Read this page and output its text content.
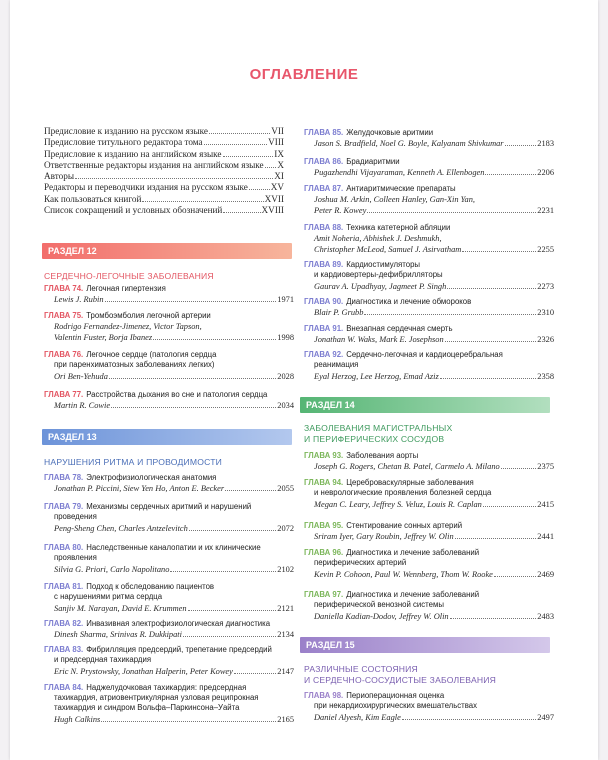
ОГЛАВЛЕНИЕ
Предисловие к изданию на русском языке	VII
Предисловие титульного редактора тома	VIII
Предисловие к изданию на английском языке	IX
Ответственные редакторы издания на английском языке X
Авторы	XI
Редакторы и переводчики издания на русском языке XV
Как пользоваться книгой	XVII
Список сокращений и условных обозначений	XVIII
РАЗДЕЛ 12
СЕРДЕЧНО-ЛЕГОЧНЫЕ ЗАБОЛЕВАНИЯ
ГЛАВА 74. Легочная гипертензия
Lewis J. Rubin	1971
ГЛАВА 75. Тромбоэмболия легочной артерии
Rodrigo Fernandez-Jimenez, Victor Tapson,
Valentin Fuster, Borja Ibanez	1998
ГЛАВА 76. Легочное сердце (патология сердца
при паренхиматозных заболеваниях легких)
Ori Ben-Yehuda	2028
ГЛАВА 77. Расстройства дыхания во сне и патология сердца
Martin R. Cowie	2034
РАЗДЕЛ 13
НАРУШЕНИЯ РИТМА И ПРОВОДИМОСТИ
ГЛАВА 78. Электрофизиологическая анатомия
Jonathan P. Piccini, Siew Yen Ho, Anton E. Becker	2055
ГЛАВА 79. Механизмы сердечных аритмий и нарушений
проведения
Peng-Sheng Chen, Charles Antzelevitch	2072
ГЛАВА 80. Наследственные каналопатии и их клинические
проявления
Silvia G. Priori, Carlo Napolitano	2102
ГЛАВА 81. Подход к обследованию пациентов
с нарушениями ритма сердца
Sanjiv M. Narayan, David E. Krummen	2121
ГЛАВА 82. Инвазивная электрофизиологическая диагностика
Dinesh Sharma, Srinivas R. Dukkipati	2134
ГЛАВА 83. Фибрилляция предсердий, трепетание предсердий
и предсердная тахикардия
Eric N. Prystowsky, Jonathan Halperin, Peter Kowey	2147
ГЛАВА 84. Наджелудочковая тахикардия: предсердная
тахикардия, атриовентрикулярная узловая реципрокная
тахикардия и синдром Вольфа–Паркинсона–Уайта
Hugh Calkins	2165
ГЛАВА 85. Желудочковые аритмии
Jason S. Bradfield, Noel G. Boyle, Kalyanam Shivkumar	2183
ГЛАВА 86. Брадиаритмии
Pugazhendhi Vijayaraman, Kenneth A. Ellenbogen	2206
ГЛАВА 87. Антиаритмические препараты
Joshua M. Arkin, Colleen Hanley, Gan-Xin Yan,
Peter R. Kowey	2231
ГЛАВА 88. Техника катетерной абляции
Amit Noheria, Abhishek J. Deshmukh,
Christopher McLeod, Samuel J. Asirvatham	2255
ГЛАВА 89. Кардиостимуляторы
и кардиовертеры-дефибрилляторы
Gaurav A. Upadhyay, Jagmeet P. Singh	2273
ГЛАВА 90. Диагностика и лечение обмороков
Blair P. Grubb	2310
ГЛАВА 91. Внезапная сердечная смерть
Jonathan W. Waks, Mark E. Josephson	2326
ГЛАВА 92. Сердечно-легочная и кардиоцеребральная
реанимация
Eyal Herzog, Lee Herzog, Emad Aziz	2358
РАЗДЕЛ 14
ЗАБОЛЕВАНИЯ МАГИСТРАЛЬНЫХ
И ПЕРИФЕРИЧЕСКИХ СОСУДОВ
ГЛАВА 93. Заболевания аорты
Joseph G. Rogers, Chetan B. Patel, Carmelo A. Milano	2375
ГЛАВА 94. Цереброваскулярные заболевания
и неврологические проявления болезней сердца
Megan C. Leary, Jeffrey S. Veluz, Louis R. Caplan	2415
ГЛАВА 95. Стентирование сонных артерий
Sriram Iyer, Gary Roubin, Jeffrey W. Olin	2441
ГЛАВА 96. Диагностика и лечение заболеваний
периферических артерий
Kevin P. Cohoon, Paul W. Wennberg, Thom W. Rooke	2469
ГЛАВА 97. Диагностика и лечение заболеваний
периферической венозной системы
Daniella Kadian-Dodov, Jeffrey W. Olin	2483
РАЗДЕЛ 15
РАЗЛИЧНЫЕ СОСТОЯНИЯ
И СЕРДЕЧНО-СОСУДИСТЫЕ ЗАБОЛЕВАНИЯ
ГЛАВА 98. Периоперационная оценка
при некардиохирургических вмешательствах
Daniel Alyesh, Kim Eagle	2497
